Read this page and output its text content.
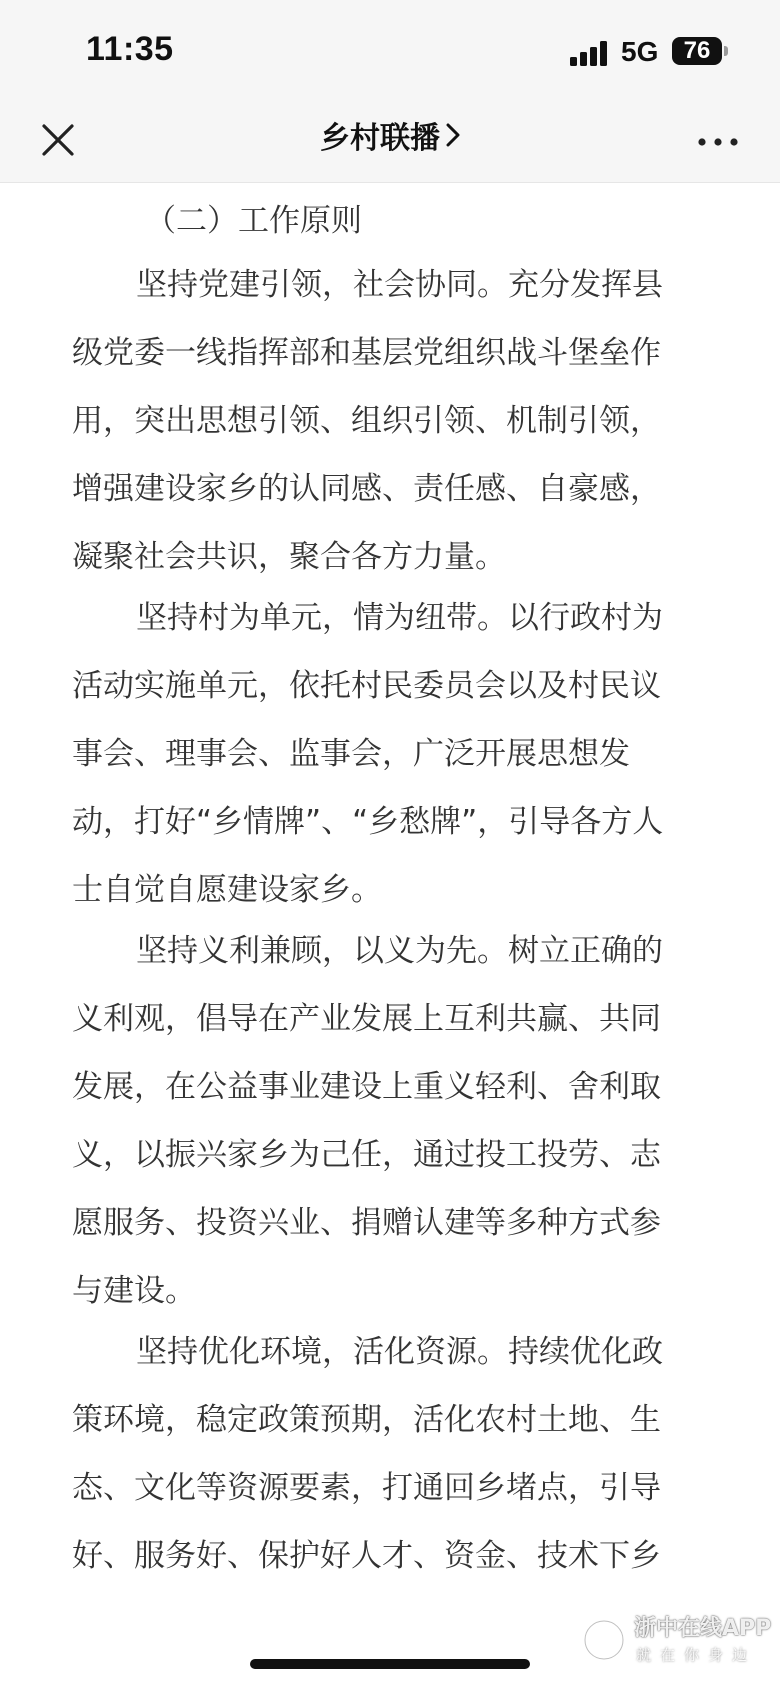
11:35	5G	76
乡村联播
（二）工作原则

坚持党建引领，社会协同。充分发挥县
级党委一线指挥部和基层党组织战斗堡垒作
用，突出思想引领、组织引领、机制引领，
增强建设家乡的认同感、责任感、自豪感，
凝聚社会共识，聚合各方力量。

坚持村为单元，情为纽带。以行政村为
活动实施单元，依托村民委员会以及村民议
事会、理事会、监事会，广泛开展思想发
动，打好“乡情牌”、“乡愁牌”，引导各方人
士自觉自愿建设家乡。

坚持义利兼顾，以义为先。树立正确的
义利观，倡导在产业发展上互利共赢、共同
发展，在公益事业建设上重义轻利、舍利取
义，以振兴家乡为己任，通过投工投劳、志
愿服务、投资兴业、捐赠认建等多种方式参
与建设。

坚持优化环境，活化资源。持续优化政
策环境，稳定政策预期，活化农村土地、生
态、文化等资源要素，打通回乡堵点，引导
好、服务好、保护好人才、资金、技术下乡

浙中在线APP
就在你身边
